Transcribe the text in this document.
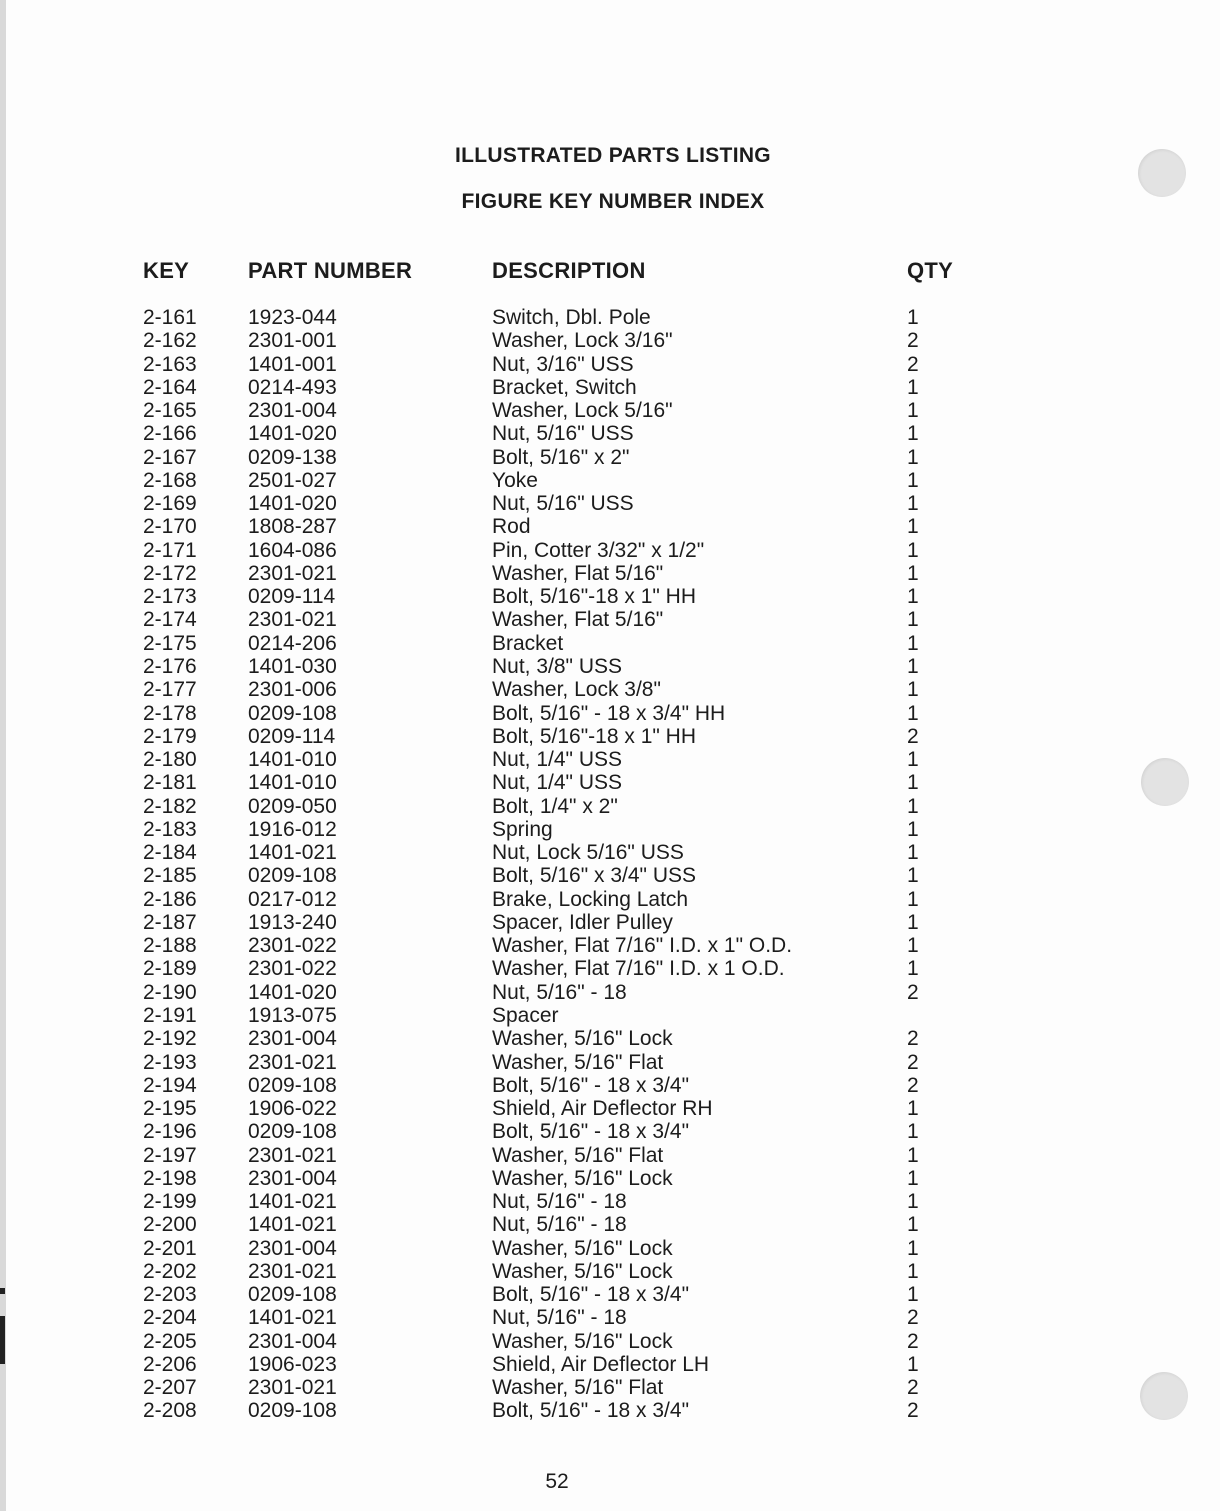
ILLUSTRATED PARTS LISTING
FIGURE KEY NUMBER INDEX
KEY	PART NUMBER	DESCRIPTION	QTY
2-161 1923-044	Switch, Dbl. Pole	1
2-162 2301-001	Washer, Lock 3/16"	2
2-163 1401-001	Nut, 3/16" USS	2
2-164 0214-493	Bracket, Switch	1
2-165 2301-004	Washer, Lock 5/16"	1
2-166 1401-020	Nut, 5/16" USS	1
2-167 0209-138	Bolt, 5/16" x 2"	1
2-168 2501-027	Yoke	1
2-169 1401-020	Nut, 5/16" USS	1
2-170 1808-287	Rod	1
2-171 1604-086	Pin, Cotter 3/32" x 1/2"	1
2-172 2301-021	Washer, Flat 5/16"	1
2-173 0209-114	Bolt, 5/16"-18 x 1" HH	1
2-174 2301-021	Washer, Flat 5/16"	1
2-175 0214-206	Bracket	1
2-176 1401-030	Nut, 3/8" USS	1
2-177 2301-006	Washer, Lock 3/8"	1
2-178 0209-108	Bolt, 5/16" - 18 x 3/4" HH	1
2-179 0209-114	Bolt, 5/16"-18 x 1" HH	2
2-180 1401-010	Nut, 1/4" USS	1
2-181 1401-010	Nut, 1/4" USS	1
2-182 0209-050	Bolt, 1/4" x 2"	1
2-183 1916-012	Spring	1
2-184 1401-021	Nut, Lock 5/16" USS	1
2-185 0209-108	Bolt, 5/16" x 3/4" USS	1
2-186 0217-012	Brake, Locking Latch	1
2-187 1913-240	Spacer, Idler Pulley	1
2-188 2301-022	Washer, Flat 7/16" I.D. x 1" O.D.	1
2-189 2301-022	Washer, Flat 7/16" I.D. x 1 O.D.	1
2-190 1401-020	Nut, 5/16" - 18	2
2-191 1913-075	Spacer
2-192 2301-004	Washer, 5/16" Lock	2
2-193 2301-021	Washer, 5/16" Flat	2
2-194 0209-108	Bolt, 5/16" - 18 x 3/4"	2
2-195 1906-022	Shield, Air Deflector RH	1
2-196 0209-108	Bolt, 5/16" - 18 x 3/4"	1
2-197 2301-021	Washer, 5/16" Flat	1
2-198 2301-004	Washer, 5/16" Lock	1
2-199 1401-021	Nut, 5/16" - 18	1
2-200 1401-021	Nut, 5/16" - 18	1
2-201 2301-004	Washer, 5/16" Lock	1
2-202 2301-021	Washer, 5/16" Lock	1
2-203 0209-108	Bolt, 5/16" - 18 x 3/4"	1
2-204 1401-021	Nut, 5/16" - 18	2
2-205 2301-004	Washer, 5/16" Lock	2
2-206 1906-023	Shield, Air Deflector LH	1
2-207 2301-021	Washer, 5/16" Flat	2
2-208 0209-108	Bolt, 5/16" - 18 x 3/4"	2
52
